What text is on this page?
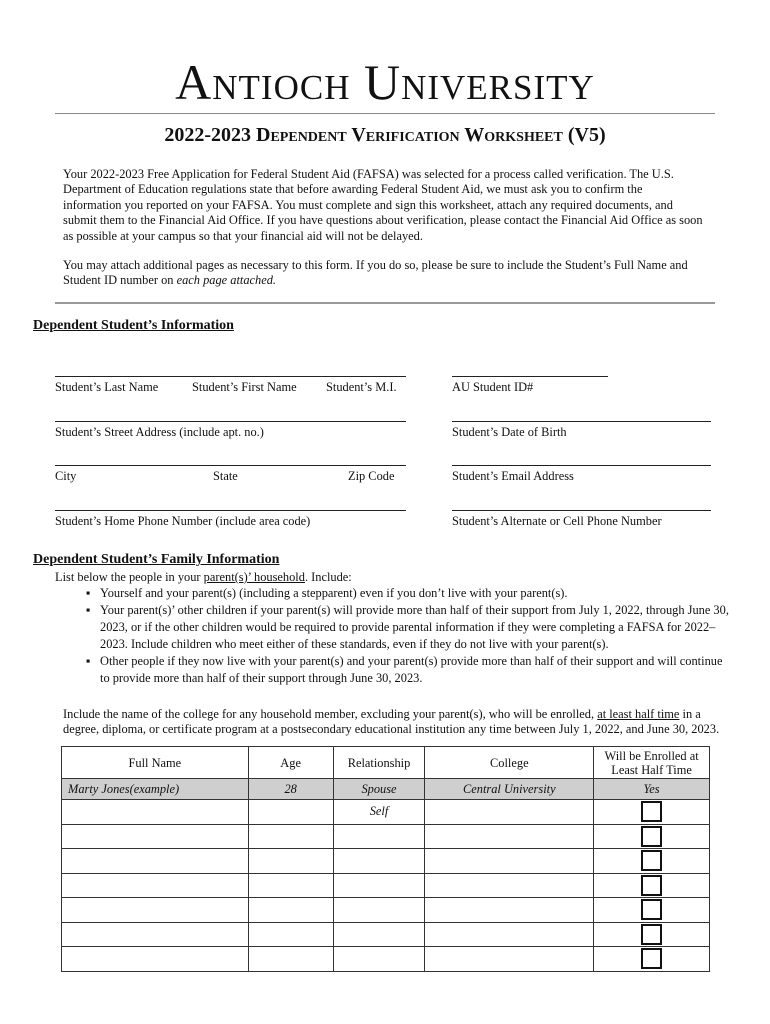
Antioch University
2022-2023 Dependent Verification Worksheet (V5)
Your 2022-2023 Free Application for Federal Student Aid (FAFSA) was selected for a process called verification. The U.S. Department of Education regulations state that before awarding Federal Student Aid, we must ask you to confirm the information you reported on your FAFSA. You must complete and sign this worksheet, attach any required documents, and submit them to the Financial Aid Office. If you have questions about verification, please contact the Financial Aid Office as soon as possible at your campus so that your financial aid will not be delayed.
You may attach additional pages as necessary to this form. If you do so, please be sure to include the Student’s Full Name and Student ID number on each page attached.
Dependent Student’s Information
Student’s Last Name	Student’s First Name Student’s M.I.	AU Student ID#
Student’s Street Address (include apt. no.)	Student’s Date of Birth
City	State	Zip Code	Student’s Email Address
Student’s Home Phone Number (include area code)	Student’s Alternate or Cell Phone Number
Dependent Student’s Family Information
List below the people in your parent(s)’ household. Include:
▪ Yourself and your parent(s) (including a stepparent) even if you don’t live with your parent(s).
▪ Your parent(s)’ other children if your parent(s) will provide more than half of their support from July 1, 2022, through June 30, 2023, or if the other children would be required to provide parental information if they were completing a FAFSA for 2022–2023. Include children who meet either of these standards, even if they do not live with your parent(s).
▪ Other people if they now live with your parent(s) and your parent(s) provide more than half of their support and will continue to provide more than half of their support through June 30, 2023.
Include the name of the college for any household member, excluding your parent(s), who will be enrolled, at least half time in a degree, diploma, or certificate program at a postsecondary educational institution any time between July 1, 2022, and June 30, 2023.
Full Name	Age	Relationship	College	Will be Enrolled at Least Half Time
Marty Jones(example)	28	Spouse	Central University	Yes
		Self		
